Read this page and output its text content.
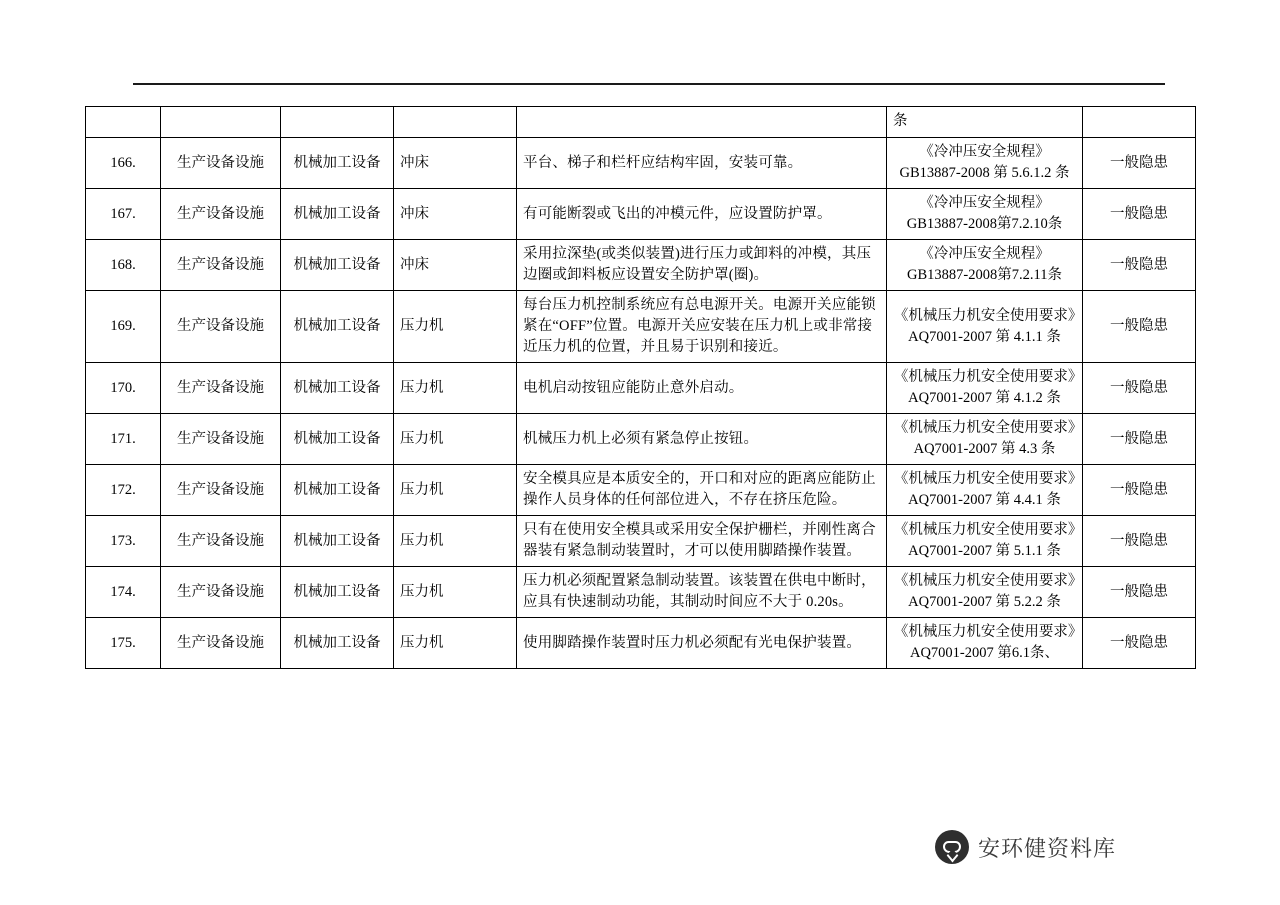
					条	
166.	生产设备设施	机械加工设备	冲床	平台、梯子和栏杆应结构牢固，安装可靠。	《冷冲压安全规程》GB13887-2008 第 5.6.1.2 条	一般隐患
167.	生产设备设施	机械加工设备	冲床	有可能断裂或飞出的冲模元件，应设置防护罩。	《冷冲压安全规程》GB13887-2008第7.2.10条	一般隐患
168.	生产设备设施	机械加工设备	冲床	采用拉深垫(或类似装置)进行压力或卸料的冲模，其压边圈或卸料板应设置安全防护罩(圈)。	《冷冲压安全规程》GB13887-2008第7.2.11条	一般隐患
169.	生产设备设施	机械加工设备	压力机	每台压力机控制系统应有总电源开关。电源开关应能锁紧在“OFF”位置。电源开关应安装在压力机上或非常接近压力机的位置，并且易于识别和接近。	《机械压力机安全使用要求》AQ7001-2007 第 4.1.1 条	一般隐患
170.	生产设备设施	机械加工设备	压力机	电机启动按钮应能防止意外启动。	《机械压力机安全使用要求》AQ7001-2007 第 4.1.2 条	一般隐患
171.	生产设备设施	机械加工设备	压力机	机械压力机上必须有紧急停止按钮。	《机械压力机安全使用要求》AQ7001-2007 第 4.3 条	一般隐患
172.	生产设备设施	机械加工设备	压力机	安全模具应是本质安全的，开口和对应的距离应能防止操作人员身体的任何部位进入，不存在挤压危险。	《机械压力机安全使用要求》AQ7001-2007 第 4.4.1 条	一般隐患
173.	生产设备设施	机械加工设备	压力机	只有在使用安全模具或采用安全保护栅栏，并刚性离合器装有紧急制动装置时，才可以使用脚踏操作装置。	《机械压力机安全使用要求》AQ7001-2007 第 5.1.1 条	一般隐患
174.	生产设备设施	机械加工设备	压力机	压力机必须配置紧急制动装置。该装置在供电中断时，应具有快速制动功能，其制动时间应不大于 0.20s。	《机械压力机安全使用要求》AQ7001-2007 第 5.2.2 条	一般隐患
175.	生产设备设施	机械加工设备	压力机	使用脚踏操作装置时压力机必须配有光电保护装置。	《机械压力机安全使用要求》AQ7001-2007 第6.1条、	一般隐患
安环健资料库
